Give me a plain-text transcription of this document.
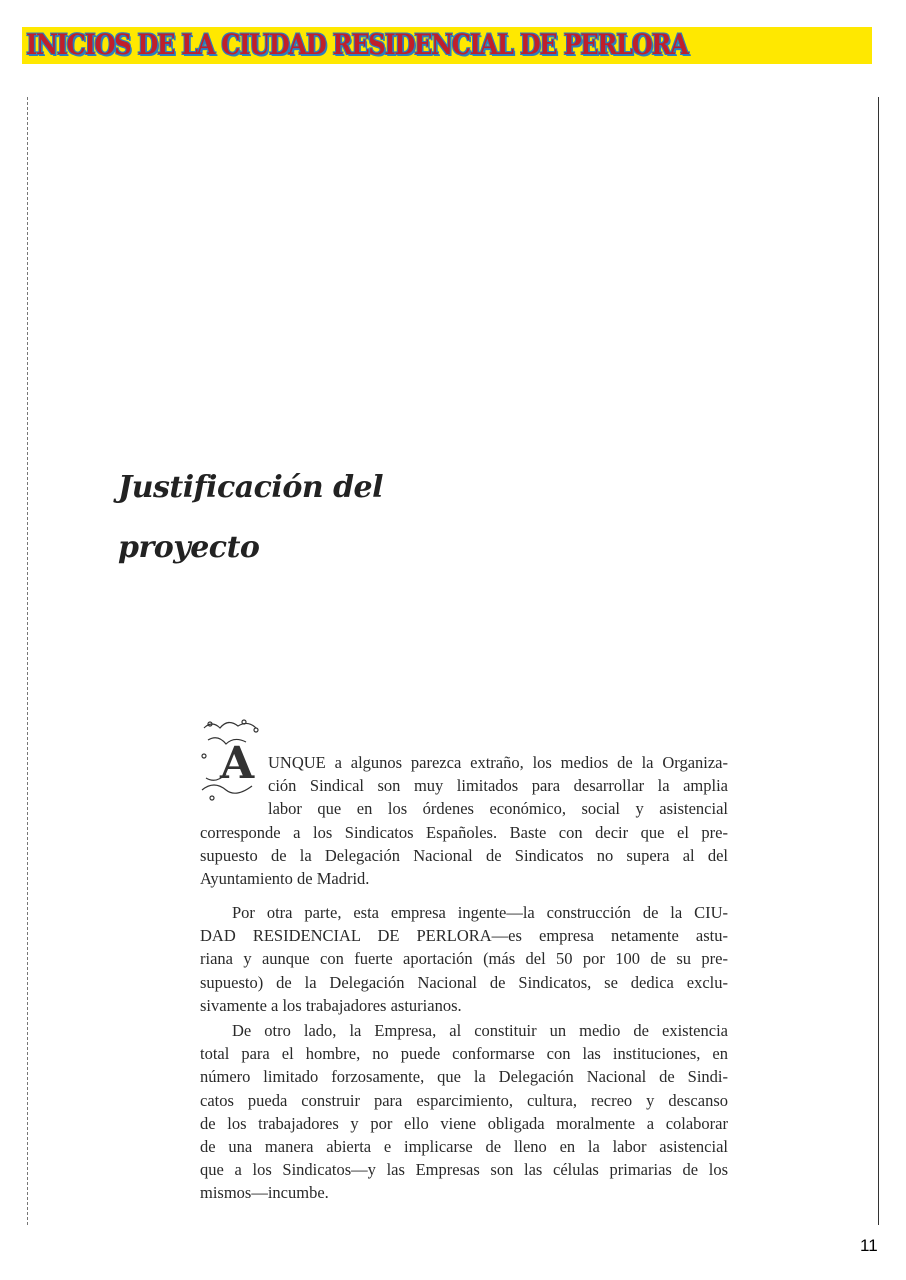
INICIOS DE LA CIUDAD RESIDENCIAL DE PERLORA
Justificación del
proyecto
A UNQUE a algunos parezca extraño, los medios de la Organiza-
ción Sindical son muy limitados para desarrollar la amplia
labor que en los órdenes económico, social y asistencial
corresponde a los Sindicatos Españoles. Baste con decir que el pre-
supuesto de la Delegación Nacional de Sindicatos no supera al del
Ayuntamiento de Madrid.
Por otra parte, esta empresa ingente—la construcción de la CIU-
DAD RESIDENCIAL DE PERLORA—es empresa netamente astu-
riana y aunque con fuerte aportación (más del 50 por 100 de su pre-
supuesto) de la Delegación Nacional de Sindicatos, se dedica exclu-
sivamente a los trabajadores asturianos.
De otro lado, la Empresa, al constituir un medio de existencia
total para el hombre, no puede conformarse con las instituciones, en
número limitado forzosamente, que la Delegación Nacional de Sindi-
catos pueda construir para esparcimiento, cultura, recreo y descanso
de los trabajadores y por ello viene obligada moralmente a colaborar
de una manera abierta e implicarse de lleno en la labor asistencial
que a los Sindicatos—y las Empresas son las células primarias de los
mismos—incumbe.
11
